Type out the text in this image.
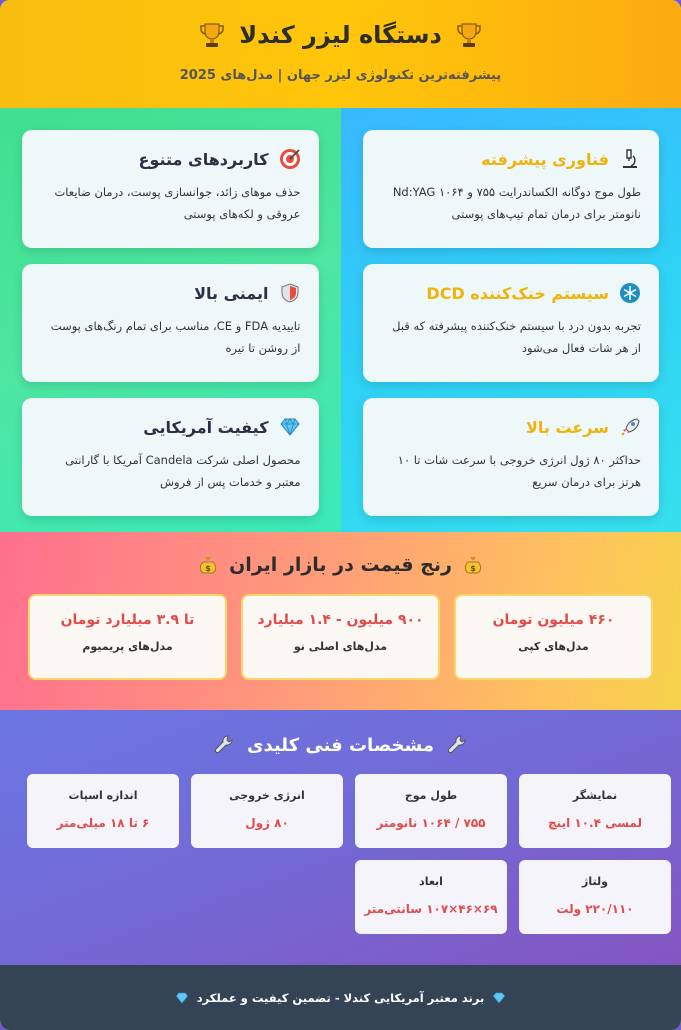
دستگاه لیزر کندلا
پیشرفته‌ترین تکنولوژی لیزر جهان | مدل‌های 2025
فناوری پیشرفته
طول موج دوگانه الکساندرایت ۷۵۵ و Nd:YAG ۱۰۶۴ نانومتر برای درمان تمام تیپ‌های پوستی
سیستم خنک‌کننده DCD
تجربه بدون درد با سیستم خنک‌کننده پیشرفته که قبل از هر شات فعال می‌شود
سرعت بالا
حداکثر ۸۰ ژول انرژی خروجی با سرعت شات تا ۱۰ هرتز برای درمان سریع
کاربردهای متنوع
حذف موهای زائد، جوانسازی پوست، درمان ضایعات عروقی و لکه‌های پوستی
ایمنی بالا
تاییدیه FDA و CE، مناسب برای تمام رنگ‌های پوست از روشن تا تیره
کیفیت آمریکایی
محصول اصلی شرکت Candela آمریکا با گارانتی معتبر و خدمات پس از فروش
$
رنج قیمت در بازار ایران
$
۴۶۰ میلیون تومان
مدل‌های کپی
۹۰۰ میلیون - ۱.۴ میلیارد
مدل‌های اصلی نو
تا ۳.۹ میلیارد تومان
مدل‌های پریمیوم
مشخصات فنی کلیدی
نمایشگر
لمسی ۱۰.۴ اینچ
طول موج
۷۵۵ / ۱۰۶۴ نانومتر
انرژی خروجی
۸۰ ژول
اندازه اسپات
۶ تا ۱۸ میلی‌متر
ولتاژ
۲۲۰/۱۱۰ ولت
ابعاد
۶۹×۴۶×۱۰۷ سانتی‌متر
برند معتبر آمریکایی کندلا - تضمین کیفیت و عملکرد
